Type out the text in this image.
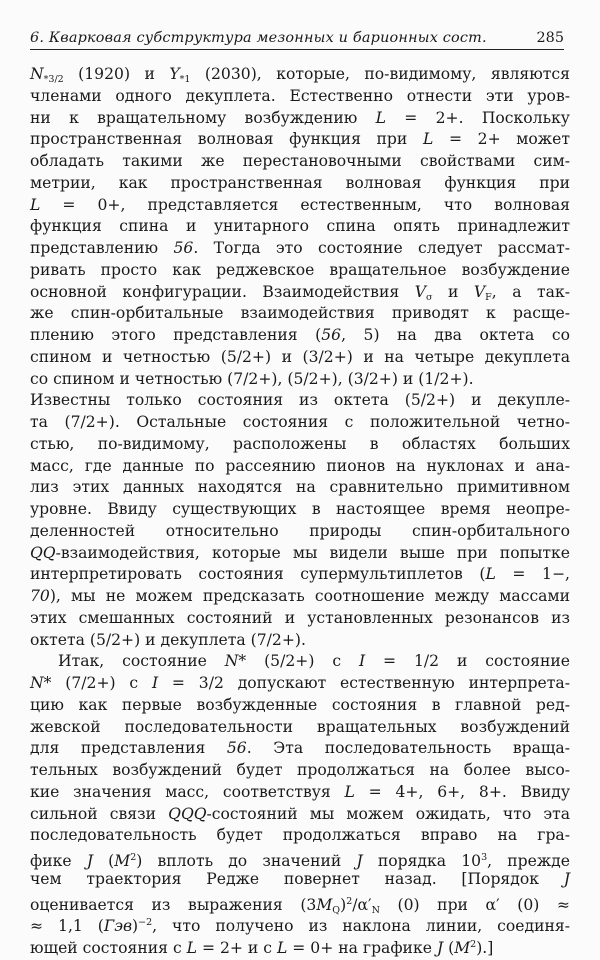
6. Кварковая субструктура мезонных и барионных сост.	285
$N_{*3/2}$ (1920) и $Y_{*1}$ (2030), которые, по-видимому, являются
членами одного декуплета. Естественно отнести эти уров-
ни к вращательному возбуждению L = 2+. Поскольку
пространственная волновая функция при L = 2+ может
обладать такими же перестановочными свойствами сим-
метрии, как пространственная волновая функция при
L = 0+, представляется естественным, что волновая
функция спина и унитарного спина опять принадлежит
представлению 56. Тогда это состояние следует рассмат-
ривать просто как реджевское вращательное возбуждение
основной конфигурации. Взаимодействия $V_\sigma$ и $V_F$, а так-
же спин-орбитальные взаимодействия приводят к расще-
плению этого представления (56, 5) на два октета со
спином и четностью (5/2+) и (3/2+) и на четыре декуплета
со спином и четностью (7/2+), (5/2+), (3/2+) и (1/2+).
Известны только состояния из октета (5/2+) и декупле-
та (7/2+). Остальные состояния с положительной четно-
стью, по-видимому, расположены в областях больших
масс, где данные по рассеянию пионов на нуклонах и ана-
лиз этих данных находятся на сравнительно примитивном
уровне. Ввиду существующих в настоящее время неопре-
деленностей относительно природы спин-орбитального
QQ-взаимодействия, которые мы видели выше при попытке
интерпретировать состояния супермультиплетов (L = 1−,
70), мы не можем предсказать соотношение между массами
этих смешанных состояний и установленных резонансов из
октета (5/2+) и декуплета (7/2+).
Итак, состояние N* (5/2+) с I = 1/2 и состояние
N* (7/2+) с I = 3/2 допускают естественную интерпрета-
цию как первые возбужденные состояния в главной ред-
жевской последовательности вращательных возбуждений
для представления 56. Эта последовательность враща-
тельных возбуждений будет продолжаться на более высо-
кие значения масс, соответствуя L = 4+, 6+, 8+. Ввиду
сильной связи QQQ-состояний мы можем ожидать, что эта
последовательность будет продолжаться вправо на гра-
фике J $(M^2)$ вплоть до значений J порядка $10^3$, прежде
чем траектория Редже повернет назад. [Порядок J
оценивается из выражения $(3M_Q)^2/\alpha'_N$ (0) при α′ (0) ≈
≈ 1,1 (Гэв)$^{-2}$, что получено из наклона линии, соединя-
ющей состояния с L = 2+ и с L = 0+ на графике J $(M^2)$.]
